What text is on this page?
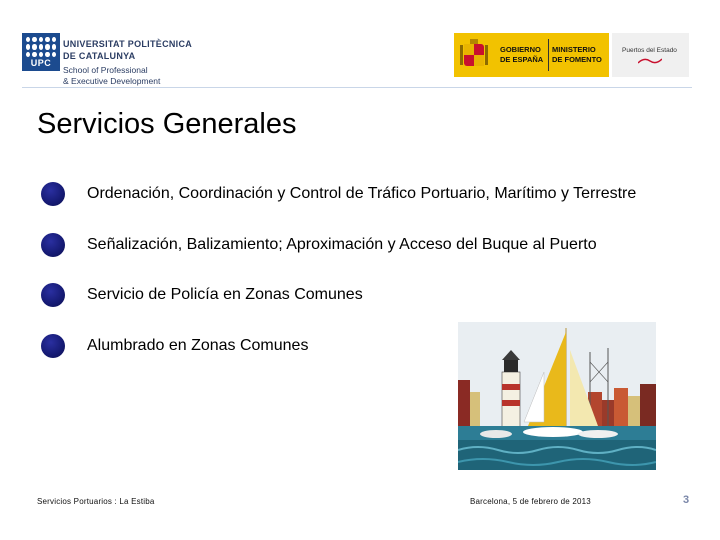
UPC
UNIVERSITAT POLITÈCNICA
DE CATALUNYA
School of Professional
& Executive Development
GOBIERNO
DE ESPAÑA
MINISTERIO
DE FOMENTO
Puertos del Estado
Servicios Generales
Ordenación, Coordinación y Control de Tráfico Portuario, Marítimo y Terrestre
Señalización, Balizamiento; Aproximación y Acceso del Buque al Puerto
Servicio de Policía en Zonas Comunes
Alumbrado en Zonas Comunes
Servicios Portuarios : La Estiba	Barcelona, 5 de febrero de 2013	3
